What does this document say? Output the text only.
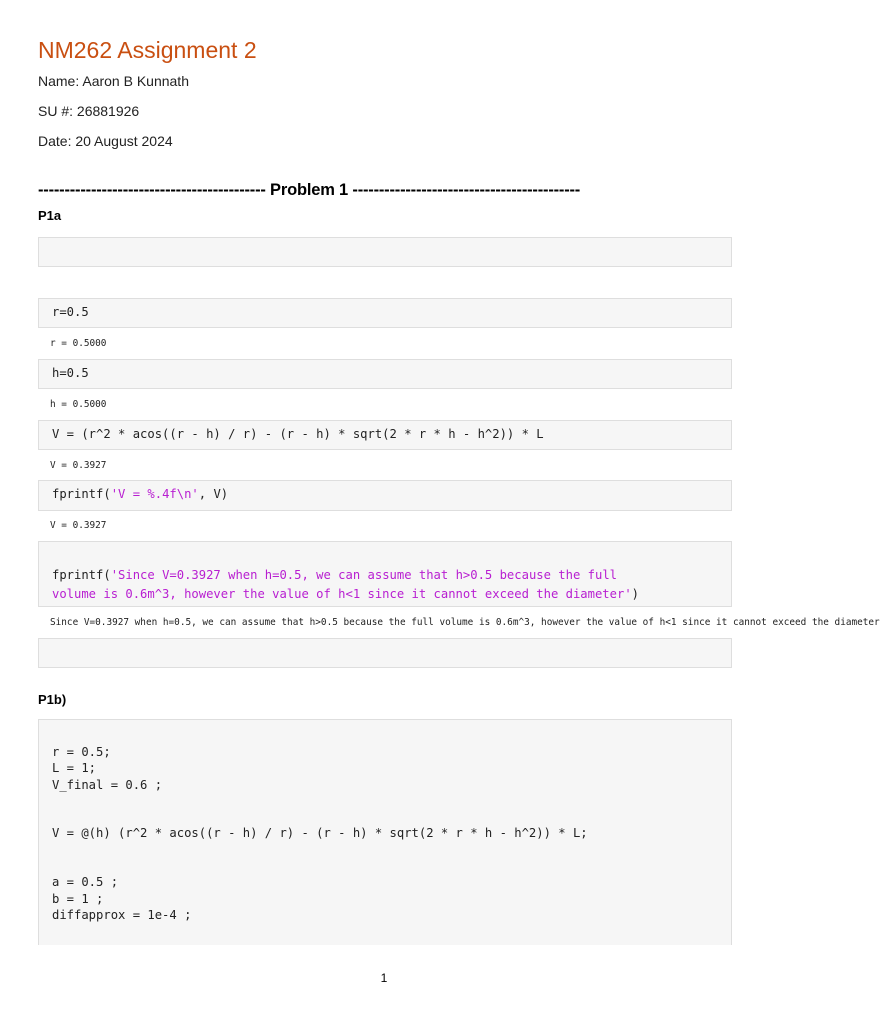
NM262 Assignment 2
Name: Aaron B Kunnath
SU #: 26881926
Date: 20 August 2024
------------------------------------------- Problem 1 -------------------------------------------
P1a
r=0.5
r = 0.5000
h=0.5
h = 0.5000
V = (r^2 * acos((r - h) / r) - (r - h) * sqrt(2 * r * h - h^2)) * L
V = 0.3927
fprintf('V = %.4f\n', V)
V = 0.3927
fprintf('Since V=0.3927 when h=0.5, we can assume that h>0.5 because the full
volume is 0.6m^3, however the value of h<1 since it cannot exceed the diameter')
Since V=0.3927 when h=0.5, we can assume that h>0.5 because the full volume is 0.6m^3, however the value of h<1 since it cannot exceed the diameter
P1b)
r = 0.5;
L = 1;
V_final = 0.6 ;

V = @(h) (r^2 * acos((r - h) / r) - (r - h) * sqrt(2 * r * h - h^2)) * L;

a = 0.5 ;
b = 1 ;
diffapprox = 1e-4 ;
1
